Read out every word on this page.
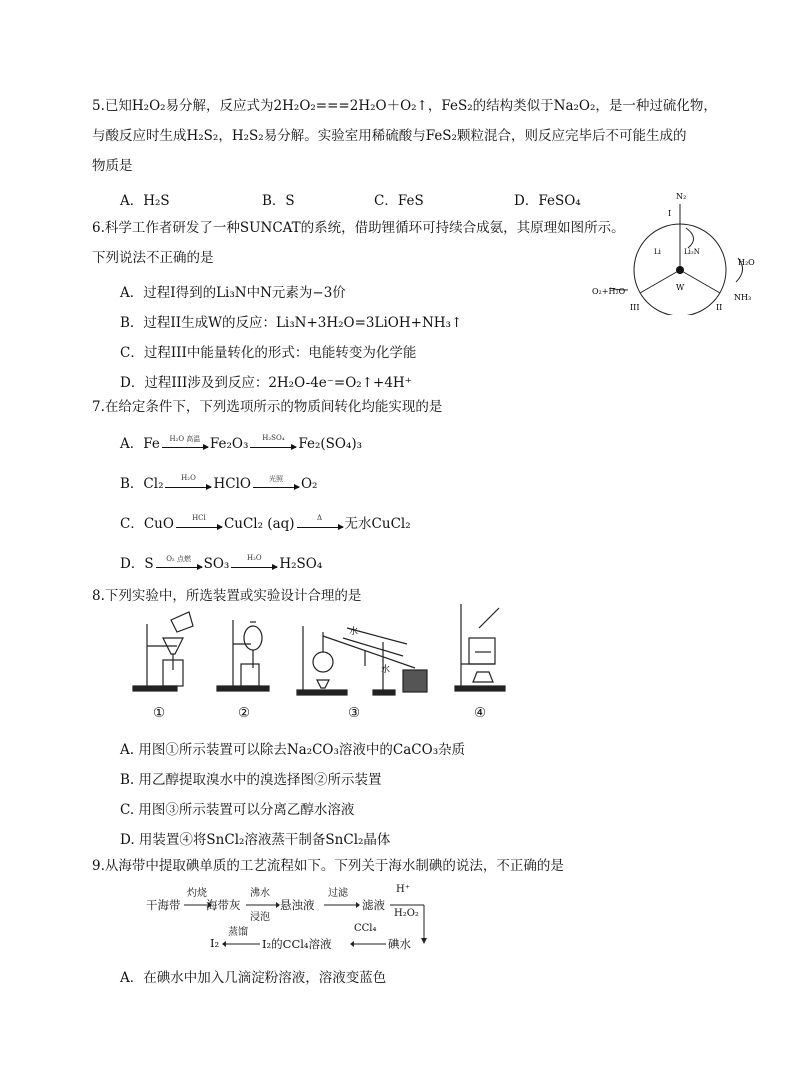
5.已知H₂O₂易分解，反应式为2H₂O₂===2H₂O＋O₂↑，FeS₂的结构类似于Na₂O₂，是一种过硫化物，
与酸反应时生成H₂S₂，H₂S₂易分解。实验室用稀硫酸与FeS₂颗粒混合，则反应完毕后不可能生成的
物质是
A．H₂S	B．S	C．FeS	D．FeSO₄
6.科学工作者研发了一种SUNCAT的系统，借助锂循环可持续合成氨，其原理如图所示。
下列说法不正确的是
A．过程I得到的Li₃N中N元素为−3价
B．过程II生成W的反应：Li₃N+3H₂O=3LiOH+NH₃↑
C．过程III中能量转化的形式：电能转变为化学能
D．过程III涉及到反应：2H₂O-4e⁻=O₂↑+4H⁺
N₂
I
Li₃N
Li
H₂O
W
O₂+H₂O
NH₃
III	II
7.在给定条件下，下列选项所示的物质间转化均能实现的是
A．Fe	H₂O 高温 Fe₂O₃	H₂SO₄	Fe₂(SO₄)₃
B．Cl₂	H₂O	HClO	光照	O₂
C．CuO	HCl	CuCl₂ (aq)	Δ	无水CuCl₂
D．S	O₂ 点燃 SO₃	H₂O	H₂SO₄
8.下列实验中，所选装置或实验设计合理的是
水
水
①	②	③	④
A. 用图①所示装置可以除去Na₂CO₃溶液中的CaCO₃杂质
B. 用乙醇提取溴水中的溴选择图②所示装置
C. 用图③所示装置可以分离乙醇水溶液
D. 用装置④将SnCl₂溶液蒸干制备SnCl₂晶体
9.从海带中提取碘单质的工艺流程如下。下列关于海水制碘的说法，不正确的是
干海带
灼烧
海带灰
沸水
浸泡
悬浊液
过滤
滤液
H⁺
H₂O₂
碘水
CCl₄
I₂的CCl₄溶液
蒸馏
I₂
A．在碘水中加入几滴淀粉溶液，溶液变蓝色
